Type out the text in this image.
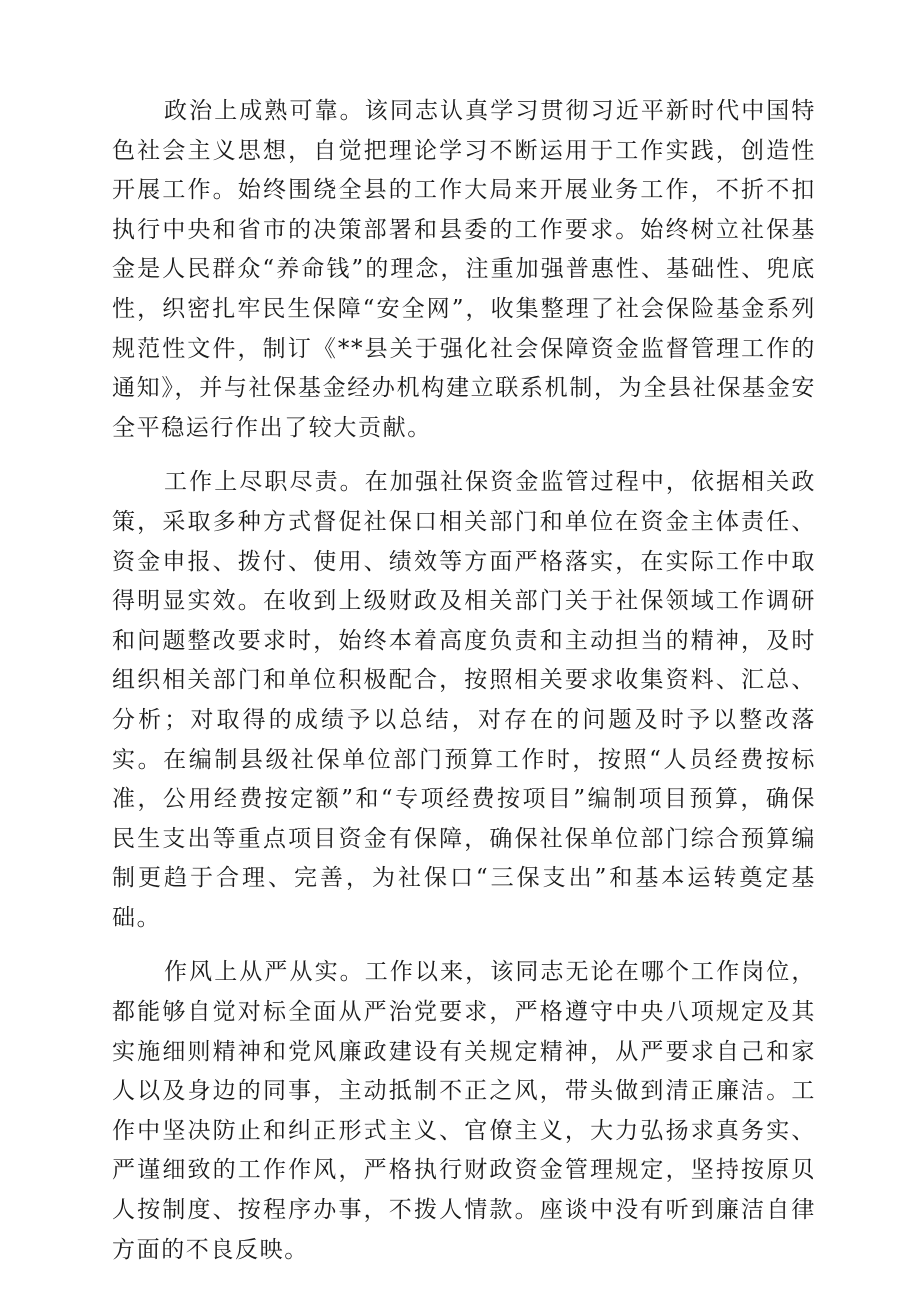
政治上成熟可靠。该同志认真学习贯彻习近平新时代中国特色社会主义思想，自觉把理论学习不断运用于工作实践，创造性开展工作。始终围绕全县的工作大局来开展业务工作，不折不扣执行中央和省市的决策部署和县委的工作要求。始终树立社保基金是人民群众“养命钱”的理念，注重加强普惠性、基础性、兜底性，织密扎牢民生保障“安全网”，收集整理了社会保险基金系列规范性文件，制订《**县关于强化社会保障资金监督管理工作的通知》，并与社保基金经办机构建立联系机制，为全县社保基金安全平稳运行作出了较大贡献。

工作上尽职尽责。在加强社保资金监管过程中，依据相关政策，采取多种方式督促社保口相关部门和单位在资金主体责任、资金申报、拨付、使用、绩效等方面严格落实，在实际工作中取得明显实效。在收到上级财政及相关部门关于社保领域工作调研和问题整改要求时，始终本着高度负责和主动担当的精神，及时组织相关部门和单位积极配合，按照相关要求收集资料、汇总、分析；对取得的成绩予以总结，对存在的问题及时予以整改落实。在编制县级社保单位部门预算工作时，按照“人员经费按标准，公用经费按定额”和“专项经费按项目”编制项目预算，确保民生支出等重点项目资金有保障，确保社保单位部门综合预算编制更趋于合理、完善，为社保口“三保支出”和基本运转奠定基础。

作风上从严从实。工作以来，该同志无论在哪个工作岗位，都能够自觉对标全面从严治党要求，严格遵守中央八项规定及其实施细则精神和党风廉政建设有关规定精神，从严要求自己和家人以及身边的同事，主动抵制不正之风，带头做到清正廉洁。工作中坚决防止和纠正形式主义、官僚主义，大力弘扬求真务实、严谨细致的工作作风，严格执行财政资金管理规定，坚持按原贝人按制度、按程序办事，不拨人情款。座谈中没有听到廉洁自律方面的不良反映。
